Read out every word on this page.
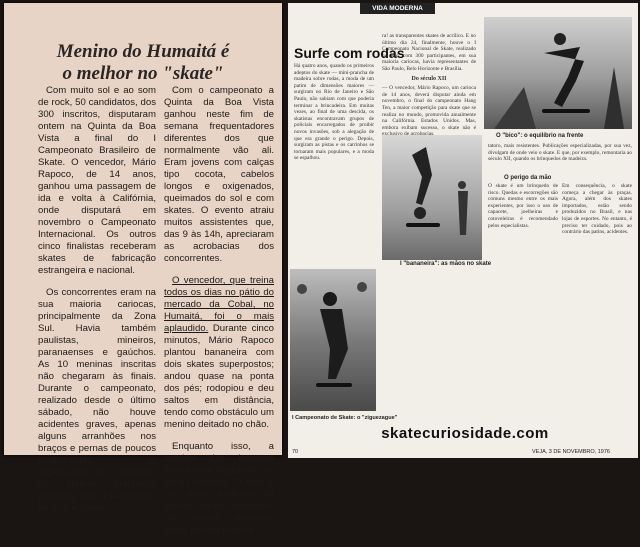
Menino do Humaitá é
o melhor no "skate"

Com muito sol e ao som de rock, 50 candidatos, dos 300 inscritos, disputaram ontem na Quinta da Boa Vista a final do I Campeonato Brasileiro de Skate. O vencedor, Mário Rapoco, de 14 anos, ganhou uma passagem de ida e volta à Califórnia, onde disputará em novembro o Campeonato Internacional. Os outros cinco finalistas receberam skates de fabricação estrangeira e nacional.

Os concorrentes eram na sua maioria cariocas, principalmente da Zona Sul. Havia também paulistas, mineiros, paranaenses e gaúchos. As 10 meninas inscritas não chegaram às finais. Durante o campeonato, realizado desde o último sábado, não houve acidentes graves, apenas alguns arranhões nos braços e pernas de poucos participantes. O organizador do certame, Sr. Nélson Machado, pretende criar a Federação do Surf e Skate.

Com o campeonato a Quinta da Boa Vista ganhou neste fim de semana frequentadores diferentes dos que normalmente vão ali. Eram jovens com calças tipo cocota, cabelos longos e oxigenados, queimados do sol e com skates. O evento atraiu muitos assistentes que, das 9 às 14h, apreciaram as acrobacias dos concorrentes.

O vencedor, que treina todos os dias no pátio do mercado da Cobal, no Humaitá, foi o mais aplaudido. Durante cinco minutos, Mário Rapoco plantou bananeira com dois skates superpostos; andou quase na ponta dos pés; rodopiou e deu saltos em distância, tendo como obstáculo um menino deitado no chão.

Enquanto isso, a sombra das imensas árvores era disputada por várias famílias. O lago e os canais artificiais da Quinta foram utilizados, por muitos meninos, como piscina pública.

VIDA MODERNA
Surfe com rodas
Há quatro anos, quando os primeiros adeptos do skate — mini-prancha de madeira sobre rodas, a moda de um patim de dimensões maiores — surgiram no Rio de Janeiro e São Paulo, não sabiam com que poderia terminar a brincadeira. Em muitas vezes, ao final de uma descida, os skatistas encontravam grupos de policiais encarregados de proibir novos invasões, sob a alegação de que era grande o perigo. Depois, surgiram as pistas e os carrinhos se tornaram mais populares, e a moda se espalhou.
ra! as transparentes skates de acrílico. E no último dia 24, finalmente, houve o I Campeonato Nacional de Skate, realizado no Rio, com 300 participantes, em sua maioria cariocas, havia representantes de São Paulo, Belo Horizonte e Brasília.
Do século XII
— O vencedor, Mário Rapoco, um carioca de 14 anos, deverá disputar ainda em novembro, o final do campeonato Hang Ten, a maior competição para skate que se realiza no mundo, promovida anualmente na Califórnia. Estados Unidos. Mas, embora exibam sucesso, o skate não é
O "bico": o equilíbrio na frente
tatoro, mais resistentes. Publicações especializadas, por sua vez, divulgam de onde veio o skate. E que, por exemplo, remontaria ao século XII, quando os brinquedos de madeira.
O perigo da mão
O skate é um brinquedo de risco. Quedas e escorregões são comuns mesmo entre os mais experientes, por isso o uso de capacete, joelheiras e cotoveleiras é recomendado pelos especialistas.
Em consequência, o skate começa a chegar às praças. Agora, além dos skates importados, estão sendo produzidos no Brasil, e nas lojas de esportes. No entanto, é preciso ter cuidado, pois ao contrário das patins, acidentes.
I "bananeira": as mãos no skate
I Campeonato de Skate: o "ziguezague"
70	VEJA, 3 DE NOVEMBRO, 1976
skatecuriosidade.com
